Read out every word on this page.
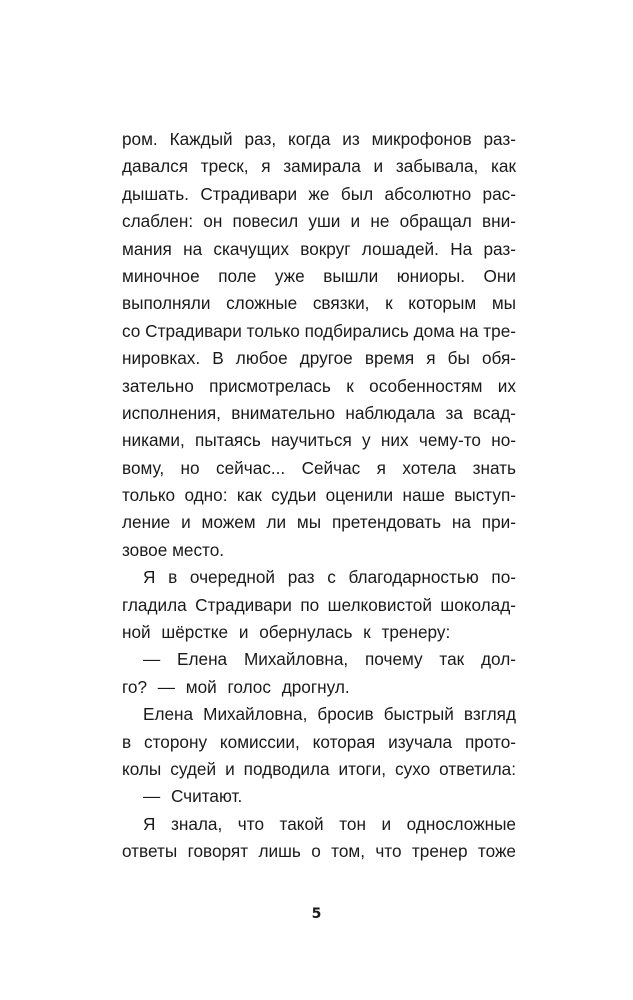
ром. Каждый раз, когда из микрофонов раз-
давался треск, я замирала и забывала, как
дышать. Страдивари же был абсолютно рас-
слаблен: он повесил уши и не обращал вни-
мания на скачущих вокруг лошадей. На раз-
миночное поле уже вышли юниоры. Они
выполняли сложные связки, к которым мы
со Страдивари только подбирались дома на тре-
нировках. В любое другое время я бы обя-
зательно присмотрелась к особенностям их
исполнения, внимательно наблюдала за всад-
никами, пытаясь научиться у них чему-то но-
вому, но сейчас... Сейчас я хотела знать
только одно: как судьи оценили наше выступ-
ление и можем ли мы претендовать на при-
зовое место.
Я в очередной раз с благодарностью по-
гладила Страдивари по шелковистой шоколад-
ной шёрстке и обернулась к тренеру:
— Елена Михайловна, почему так дол-
го? — мой голос дрогнул.
Елена Михайловна, бросив быстрый взгляд
в сторону комиссии, которая изучала прото-
колы судей и подводила итоги, сухо ответила:
— Считают.
Я знала, что такой тон и односложные
ответы говорят лишь о том, что тренер тоже
5
